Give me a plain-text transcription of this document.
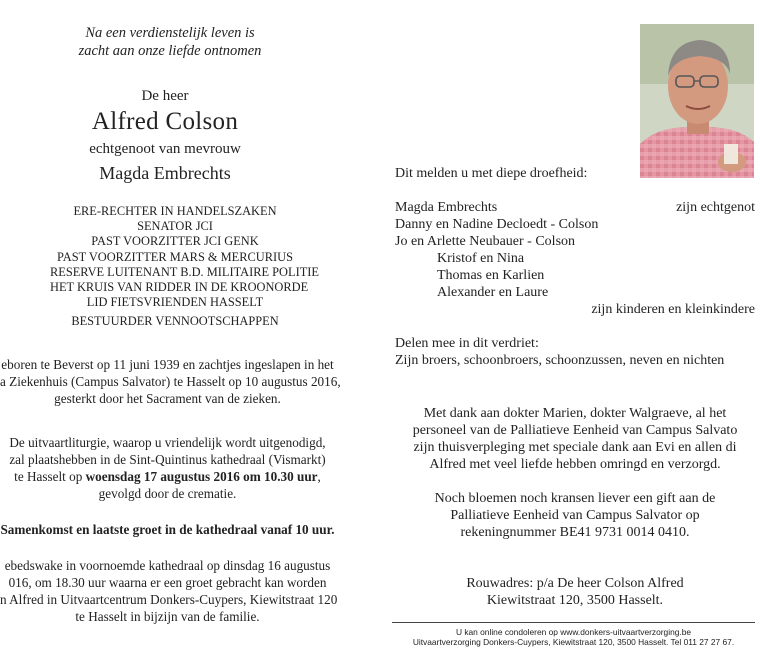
Na een verdienstelijk leven is
zacht aan onze liefde ontnomen
De heer
Alfred Colson
echtgenoot van mevrouw
Magda Embrechts
ERE-RECHTER IN HANDELSZAKEN
SENATOR JCI
PAST VOORZITTER JCI GENK
PAST VOORZITTER MARS & MERCURIUS
RESERVE LUITENANT B.D. MILITAIRE POLITIE
HET KRUIS VAN RIDDER IN DE KROONORDE
LID FIETSVRIENDEN HASSELT
BESTUURDER VENNOOTSCHAPPEN
eboren te Beverst op 11 juni 1939 en zachtjes ingeslapen in het
a Ziekenhuis (Campus Salvator) te Hasselt op 10 augustus 2016,
gesterkt door het Sacrament van de zieken.
De uitvaartliturgie, waarop u vriendelijk wordt uitgenodigd,
zal plaatshebben in de Sint-Quintinus kathedraal (Vismarkt)
te Hasselt op woensdag 17 augustus 2016 om 10.30 uur,
gevolgd door de crematie.
Samenkomst en laatste groet in de kathedraal vanaf 10 uur.
ebedswake in voornoemde kathedraal op dinsdag 16 augustus
016, om 18.30 uur waarna er een groet gebracht kan worden
n Alfred in Uitvaartcentrum Donkers-Cuypers, Kiewitstraat 120
te Hasselt in bijzijn van de familie.
Dit melden u met diepe droefheid:
Magda Embrechts	zijn echtgenot
Danny en Nadine Decloedt - Colson
Jo en Arlette Neubauer - Colson
Kristof en Nina
Thomas en Karlien
Alexander en Laure
zijn kinderen en kleinkindere
Delen mee in dit verdriet:
Zijn broers, schoonbroers, schoonzussen, neven en nichten
Met dank aan dokter Marien, dokter Walgraeve, al het
personeel van de Palliatieve Eenheid van Campus Salvato
zijn thuisverpleging met speciale dank aan Evi en allen di
Alfred met veel liefde hebben omringd en verzorgd.
Noch bloemen noch kransen liever een gift aan de
Palliatieve Eenheid van Campus Salvator op
rekeningnummer BE41 9731 0014 0410.
Rouwadres: p/a De heer Colson Alfred
Kiewitstraat 120, 3500 Hasselt.
U kan online condoleren op www.donkers-uitvaartverzorging.be
Uitvaartverzorging Donkers-Cuypers, Kiewitstraat 120, 3500 Hasselt. Tel 011 27 27 67.
